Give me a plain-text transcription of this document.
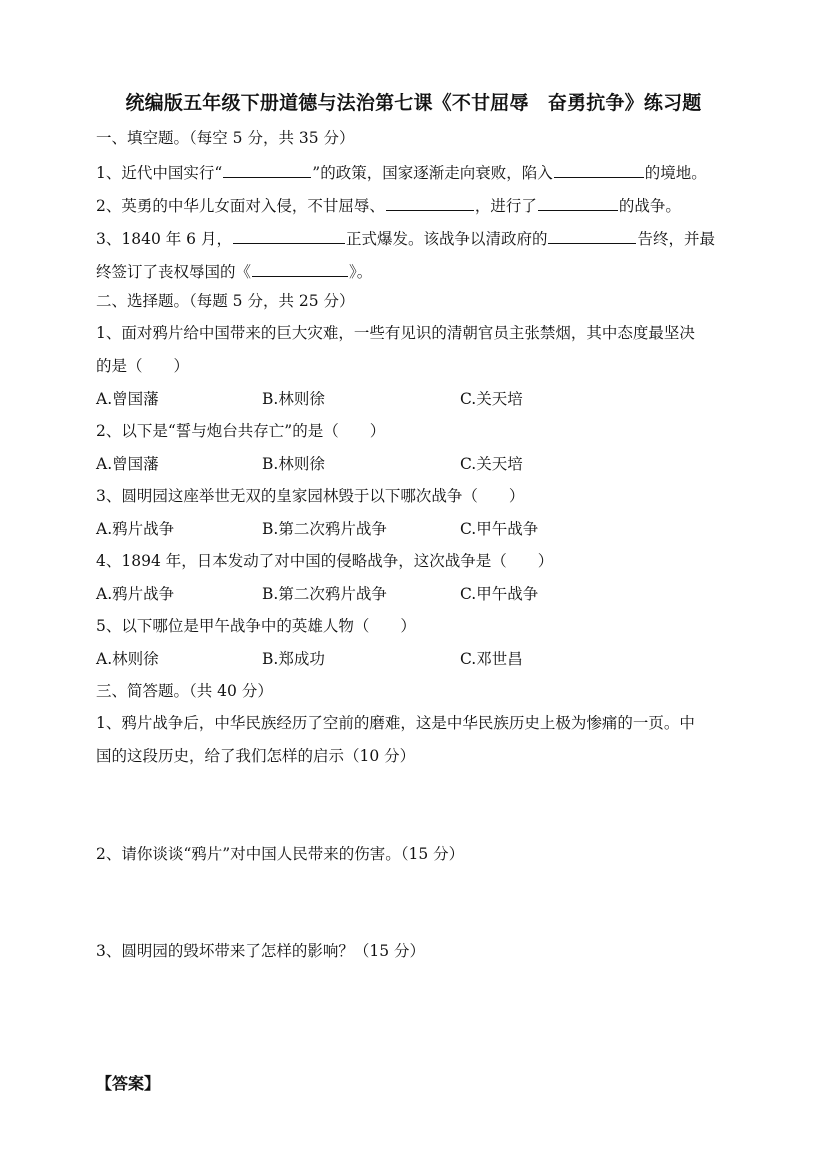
统编版五年级下册道德与法治第七课《不甘屈辱　奋勇抗争》练习题
一、填空题。（每空 5 分，共 35 分）
1、近代中国实行“	”的政策，国家逐渐走向衰败，陷入	的境地。
2、英勇的中华儿女面对入侵，不甘屈辱、	，进行了	的战争。
3、1840 年 6 月，	正式爆发。该战争以清政府的	告终，并最
终签订了丧权辱国的《	》。
二、选择题。（每题 5 分，共 25 分）
1、面对鸦片给中国带来的巨大灾难，一些有见识的清朝官员主张禁烟，其中态度最坚决
的是（　　）
A.曾国藩	B.林则徐	C.关天培
2、以下是“誓与炮台共存亡”的是（　　）
A.曾国藩	B.林则徐	C.关天培
3、圆明园这座举世无双的皇家园林毁于以下哪次战争（　　）
A.鸦片战争	B.第二次鸦片战争	C.甲午战争
4、1894 年，日本发动了对中国的侵略战争，这次战争是（　　）
A.鸦片战争	B.第二次鸦片战争	C.甲午战争
5、以下哪位是甲午战争中的英雄人物（　　）
A.林则徐	B.郑成功	C.邓世昌
三、简答题。（共 40 分）
1、鸦片战争后，中华民族经历了空前的磨难，这是中华民族历史上极为惨痛的一页。中
国的这段历史，给了我们怎样的启示（10 分）
2、请你谈谈“鸦片”对中国人民带来的伤害。（15 分）
3、圆明园的毁坏带来了怎样的影响？（15 分）
【答案】
